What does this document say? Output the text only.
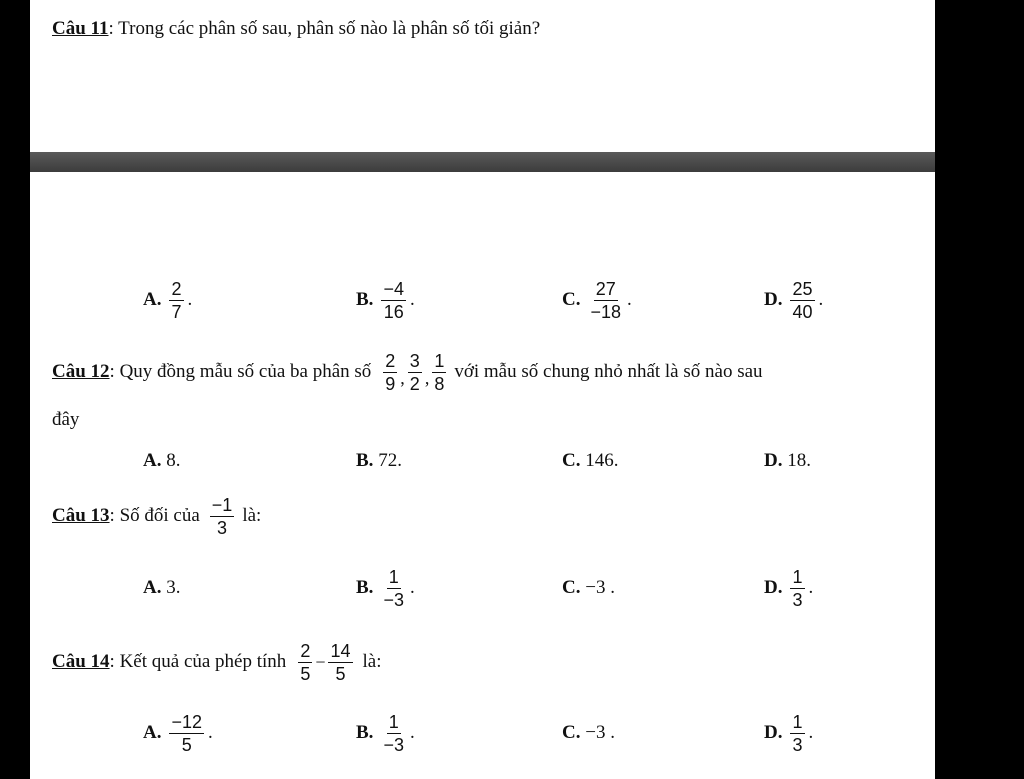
Câu 11: Trong các phân số sau, phân số nào là phân số tối giản?
A. $\frac{2}{7}$ .	B. $\frac{-4}{16}$ .	C. $\frac{27}{-18}$ .	D. $\frac{25}{40}$ .
Câu 12 : Quy đồng mẫu số của ba phân số $\frac{2}{9}$ , $\frac{3}{2}$ , $\frac{1}{8}$ với mẫu số chung nhỏ nhất là số nào sau
đây
A. 8.	B. 72.	C. 146.	D. 18.
Câu 13 : Số đối của $\frac{-1}{3}$ là:
A. 3.	B. $\frac{1}{-3}$ .	C. −3 .	D. $\frac{1}{3}$ .
Câu 14 : Kết quả của phép tính $\frac{2}{5} - \frac{14}{5}$ là:
A. $\frac{-12}{5}$ .	B. $\frac{1}{-3}$ .	C. −3 .	D. $\frac{1}{3}$ .
